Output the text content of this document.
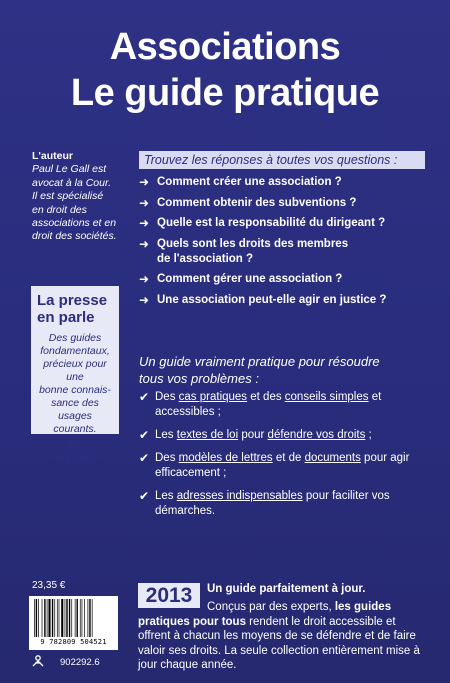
Associations
Le guide pratique
L'auteur
Paul Le Gall est
avocat à la Cour.
Il est spécialisé
en droit des
associations et en
droit des sociétés.
La presse
en parle
Des guides
fondamentaux,
précieux pour une
bonne connais-
sance des usages
courants.
Le Télégramme
Trouvez les réponses à toutes vos questions :
➜ Comment créer une association ?
➜ Comment obtenir des subventions ?
➜ Quelle est la responsabilité du dirigeant ?
➜ Quels sont les droits des membres
de l'association ?
➜ Comment gérer une association ?
➜ Une association peut-elle agir en justice ?
Un guide vraiment pratique pour résoudre
tous vos problèmes :
✔ Des cas pratiques et des conseils simples et accessibles ;
✔ Les textes de loi pour défendre vos droits ;
✔ Des modèles de lettres et de documents pour agir efficacement ;
✔ Les adresses indispensables pour faciliter vos démarches.
23,35 €
9 782809 504521
902292.6
2013	Un guide parfaitement à jour.

Conçus par des experts, les guides pratiques pour tous rendent le droit accessible et offrent à chacun les moyens de se défendre et de faire valoir ses droits. La seule collection entièrement mise à jour chaque année.
